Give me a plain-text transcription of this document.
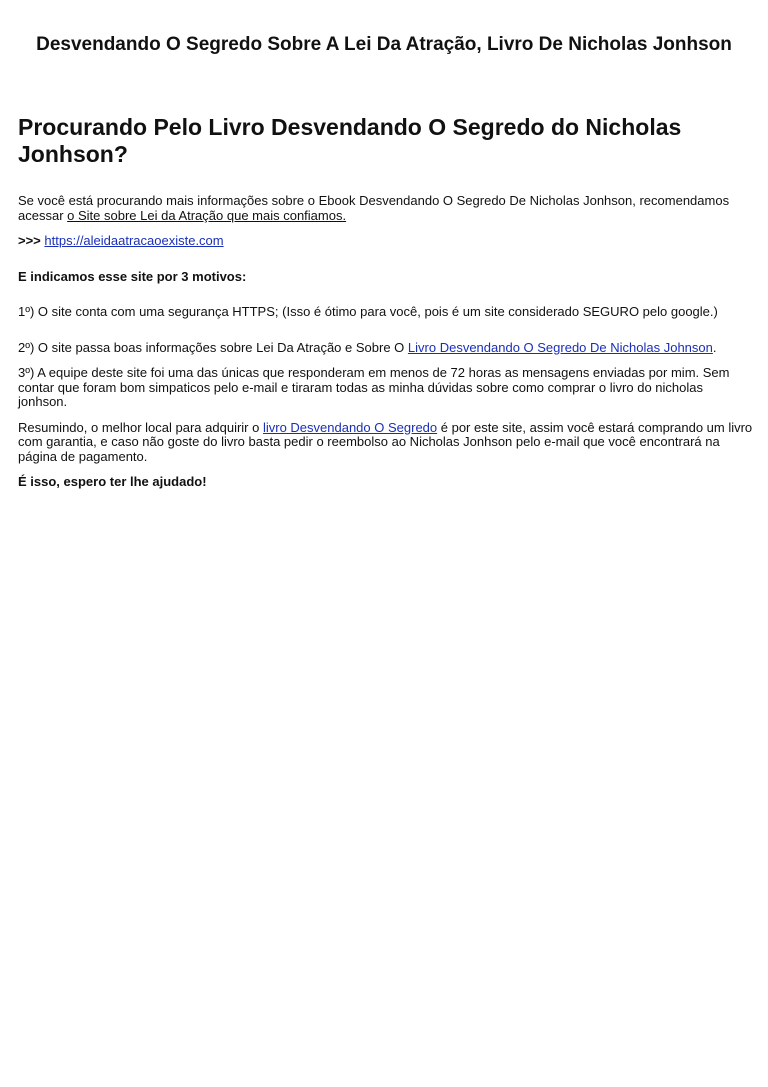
Desvendando O Segredo Sobre A Lei Da Atração, Livro De Nicholas Jonhson
Procurando Pelo Livro Desvendando O Segredo do Nicholas Jonhson?

Se você está procurando mais informações sobre o Ebook Desvendando O Segredo De Nicholas Jonhson, recomendamos acessar o Site sobre Lei da Atração que mais confiamos.

>>> https://aleidaatracaoexiste.com

E indicamos esse site por 3 motivos:

1º) O site conta com uma segurança HTTPS; (Isso é ótimo para você, pois é um site considerado SEGURO pelo google.)

2º) O site passa boas informações sobre Lei Da Atração e Sobre O Livro Desvendando O Segredo De Nicholas Johnson.

3º) A equipe deste site foi uma das únicas que responderam em menos de 72 horas as mensagens enviadas por mim. Sem contar que foram bom simpaticos pelo e-mail e tiraram todas as minha dúvidas sobre como comprar o livro do nicholas jonhson.

Resumindo, o melhor local para adquirir o livro Desvendando O Segredo é por este site, assim você estará comprando um livro com garantia, e caso não goste do livro basta pedir o reembolso ao Nicholas Jonhson pelo e-mail que você encontrará na página de pagamento.

É isso, espero ter lhe ajudado!
